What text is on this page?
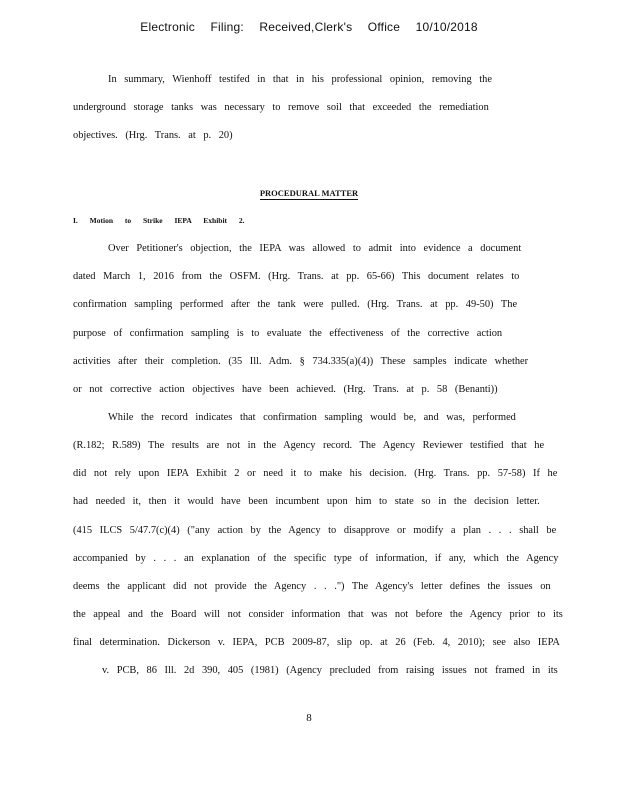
Electronic Filing: Received,Clerk's Office 10/10/2018
In summary, Wienhoff testifed in that in his professional opinion, removing the
underground storage tanks was necessary to remove soil that exceeded the remediation
objectives. (Hrg. Trans. at p. 20)
PROCEDURAL MATTER
I. Motion to Strike IEPA Exhibit 2.
Over Petitioner's objection, the IEPA was allowed to admit into evidence a document
dated March 1, 2016 from the OSFM. (Hrg. Trans. at pp. 65-66) This document relates to
confirmation sampling performed after the tank were pulled. (Hrg. Trans. at pp. 49-50) The
purpose of confirmation sampling is to evaluate the effectiveness of the corrective action
activities after their completion. (35 Ill. Adm. § 734.335(a)(4)) These samples indicate whether
or not corrective action objectives have been achieved. (Hrg. Trans. at p. 58 (Benanti))
While the record indicates that confirmation sampling would be, and was, performed
(R.182; R.589) The results are not in the Agency record. The Agency Reviewer testified that he
did not rely upon IEPA Exhibit 2 or need it to make his decision. (Hrg. Trans. pp. 57-58) If he
had needed it, then it would have been incumbent upon him to state so in the decision letter.
(415 ILCS 5/47.7(c)(4) ("any action by the Agency to disapprove or modify a plan . . . shall be
accompanied by . . . an explanation of the specific type of information, if any, which the Agency
deems the applicant did not provide the Agency . . .") The Agency's letter defines the issues on
the appeal and the Board will not consider information that was not before the Agency prior to its
final determination. Dickerson v. IEPA, PCB 2009-87, slip op. at 26 (Feb. 4, 2010); see also IEPA
v. PCB, 86 Ill. 2d 390, 405 (1981) (Agency precluded from raising issues not framed in its
8
